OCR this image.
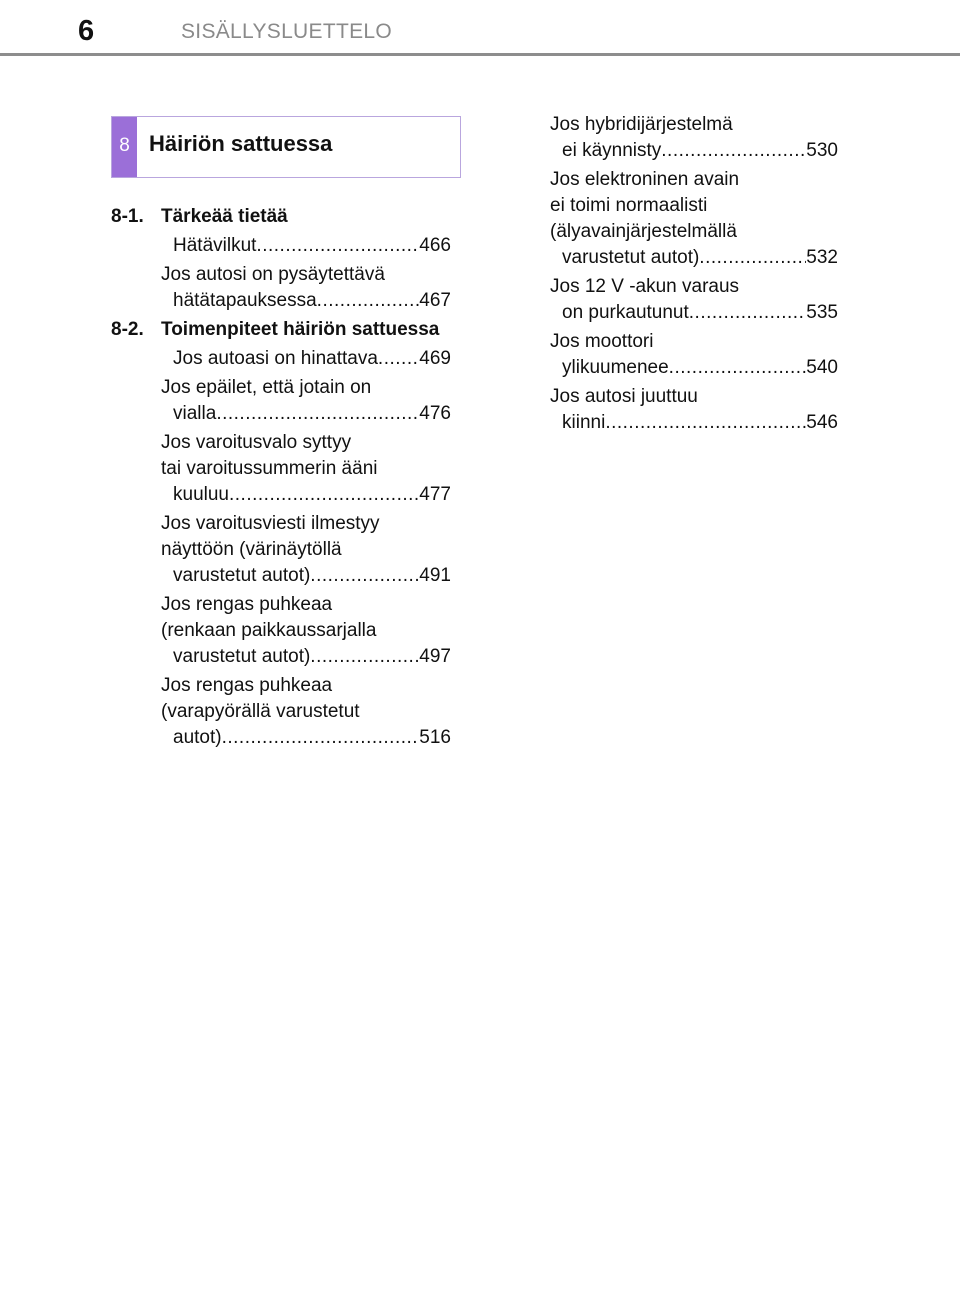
6	SISÄLLYSLUETTELO
8 Häiriön sattuessa
8-1. Tärkeää tietää
Hätävilkut .....	466
Jos autosi on pysäytettävä
hätätapauksessa .....	467
8-2. Toimenpiteet häiriön sattuessa
Jos autoasi on hinattava ..... 469
Jos epäilet, että jotain on
vialla .....	476
Jos varoitusvalo syttyy
tai varoitussummerin ääni
kuuluu .....	477
Jos varoitusviesti ilmestyy
näyttöön (värinäytöllä
varustetut autot) .....	491
Jos rengas puhkeaa
(renkaan paikkaussarjalla
varustetut autot) .....	497
Jos rengas puhkeaa
(varapyörällä varustetut
autot) .....	516
Jos hybridijärjestelmä
ei käynnisty .....	530
Jos elektroninen avain
ei toimi normaalisti
(älyavainjärjestelmällä
varustetut autot) .....	532
Jos 12 V -akun varaus
on purkautunut .....	535
Jos moottori
ylikuumenee .....	540
Jos autosi juuttuu
kiinni .....	546
